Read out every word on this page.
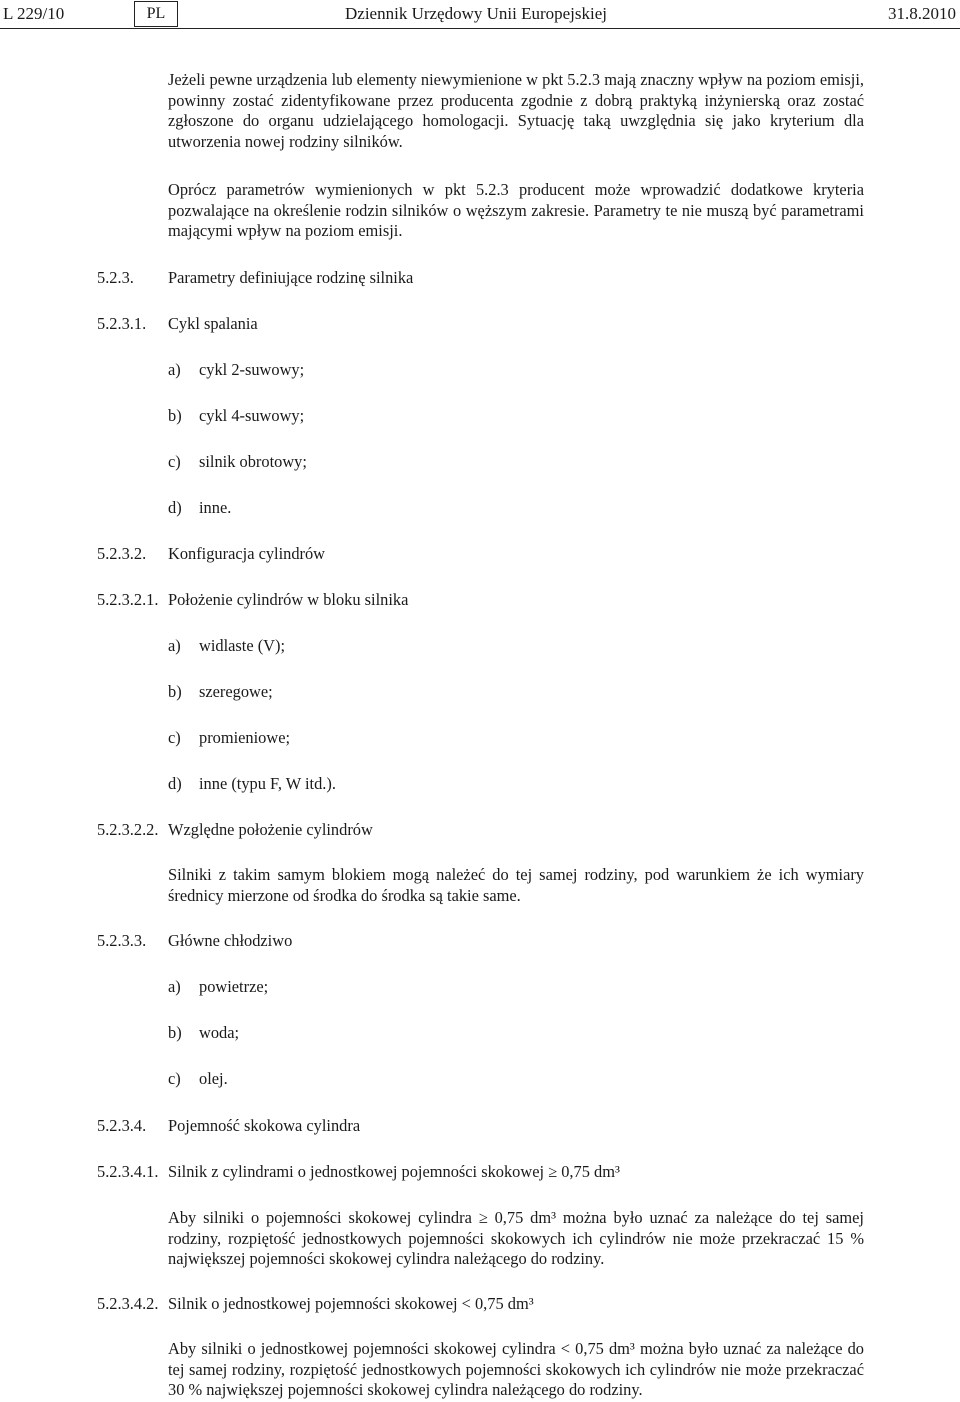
L 229/10	PL	Dziennik Urzędowy Unii Europejskiej	31.8.2010
Jeżeli pewne urządzenia lub elementy niewymienione w pkt 5.2.3 mają znaczny wpływ na poziom emisji, powinny zostać zidentyfikowane przez producenta zgodnie z dobrą praktyką inżynierską oraz zostać zgłoszone do organu udzielającego homologacji. Sytuację taką uwzględnia się jako kryterium dla utworzenia nowej rodziny silników.
Oprócz parametrów wymienionych w pkt 5.2.3 producent może wprowadzić dodatkowe kryteria pozwalające na określenie rodzin silników o węższym zakresie. Parametry te nie muszą być parametrami mającymi wpływ na poziom emisji.
5.2.3. Parametry definiujące rodzinę silnika
5.2.3.1. Cykl spalania
a) cykl 2-suwowy;
b) cykl 4-suwowy;
c) silnik obrotowy;
d) inne.
5.2.3.2. Konfiguracja cylindrów
5.2.3.2.1. Położenie cylindrów w bloku silnika
a) widlaste (V);
b) szeregowe;
c) promieniowe;
d) inne (typu F, W itd.).
5.2.3.2.2. Względne położenie cylindrów
Silniki z takim samym blokiem mogą należeć do tej samej rodziny, pod warunkiem że ich wymiary średnicy mierzone od środka do środka są takie same.
5.2.3.3. Główne chłodziwo
a) powietrze;
b) woda;
c) olej.
5.2.3.4. Pojemność skokowa cylindra
5.2.3.4.1. Silnik z cylindrami o jednostkowej pojemności skokowej ≥ 0,75 dm³
Aby silniki o pojemności skokowej cylindra ≥ 0,75 dm³ można było uznać za należące do tej samej rodziny, rozpiętość jednostkowych pojemności skokowych ich cylindrów nie może przekraczać 15 % największej pojemności skokowej cylindra należącego do rodziny.
5.2.3.4.2. Silnik o jednostkowej pojemności skokowej < 0,75 dm³
Aby silniki o jednostkowej pojemności skokowej cylindra < 0,75 dm³ można było uznać za należące do tej samej rodziny, rozpiętość jednostkowych pojemności skokowych ich cylindrów nie może przekraczać 30 % największej pojemności skokowej cylindra należącego do rodziny.
